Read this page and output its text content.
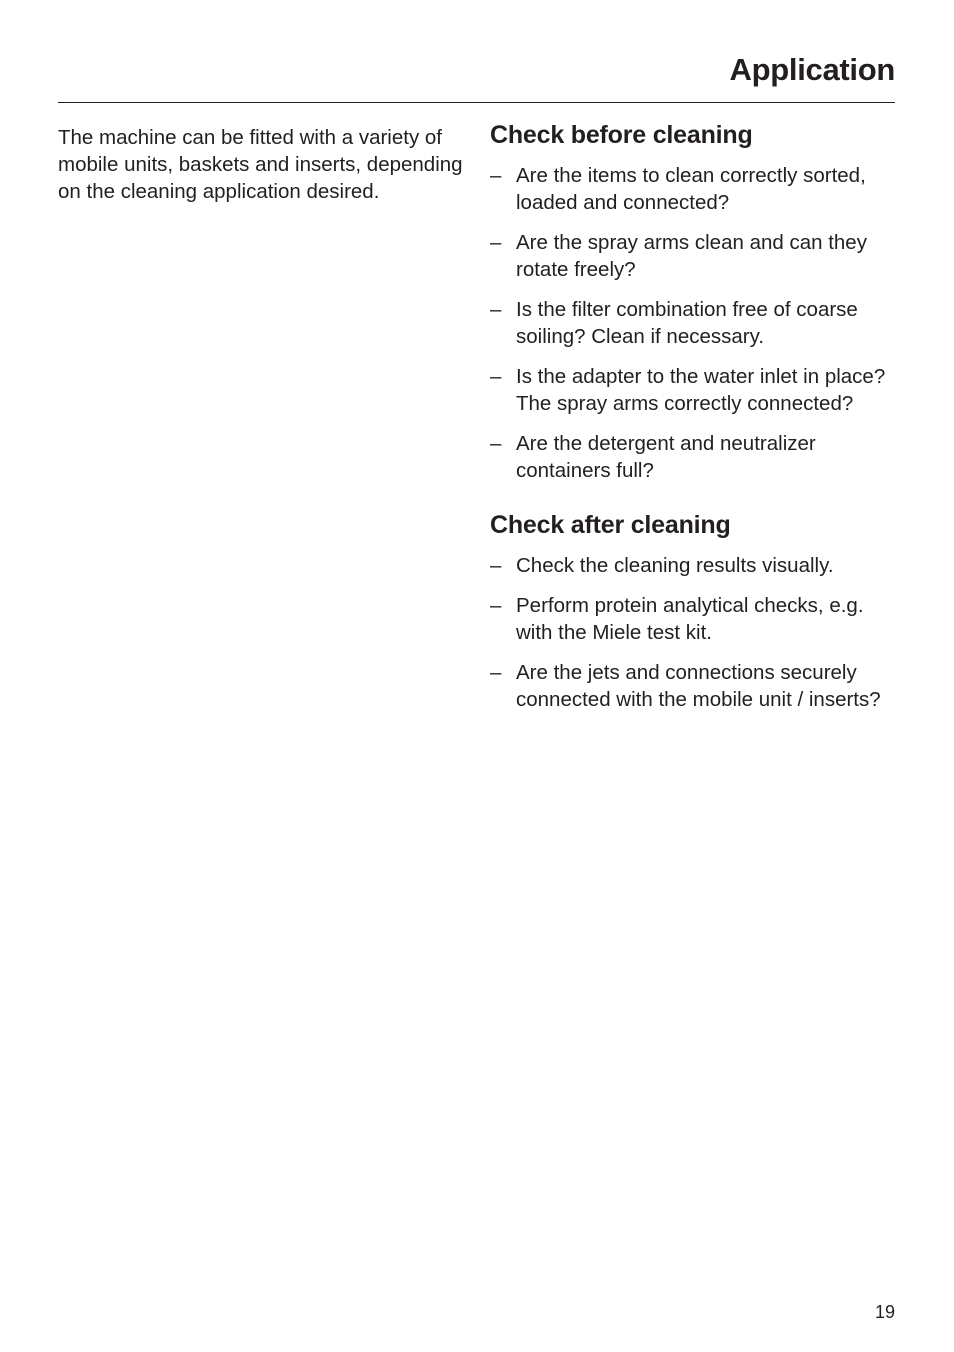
Application

The machine can be fitted with a variety of mobile units, baskets and inserts, depending on the cleaning application desired.

Check before cleaning
– Are the items to clean correctly sorted, loaded and connected?
– Are the spray arms clean and can they rotate freely?
– Is the filter combination free of coarse soiling? Clean if necessary.
– Is the adapter to the water inlet in place? The spray arms correctly connected?
– Are the detergent and neutralizer containers full?
Check after cleaning
– Check the cleaning results visually.
– Perform protein analytical checks, e.g. with the Miele test kit.
– Are the jets and connections securely connected with the mobile unit / inserts?
19
